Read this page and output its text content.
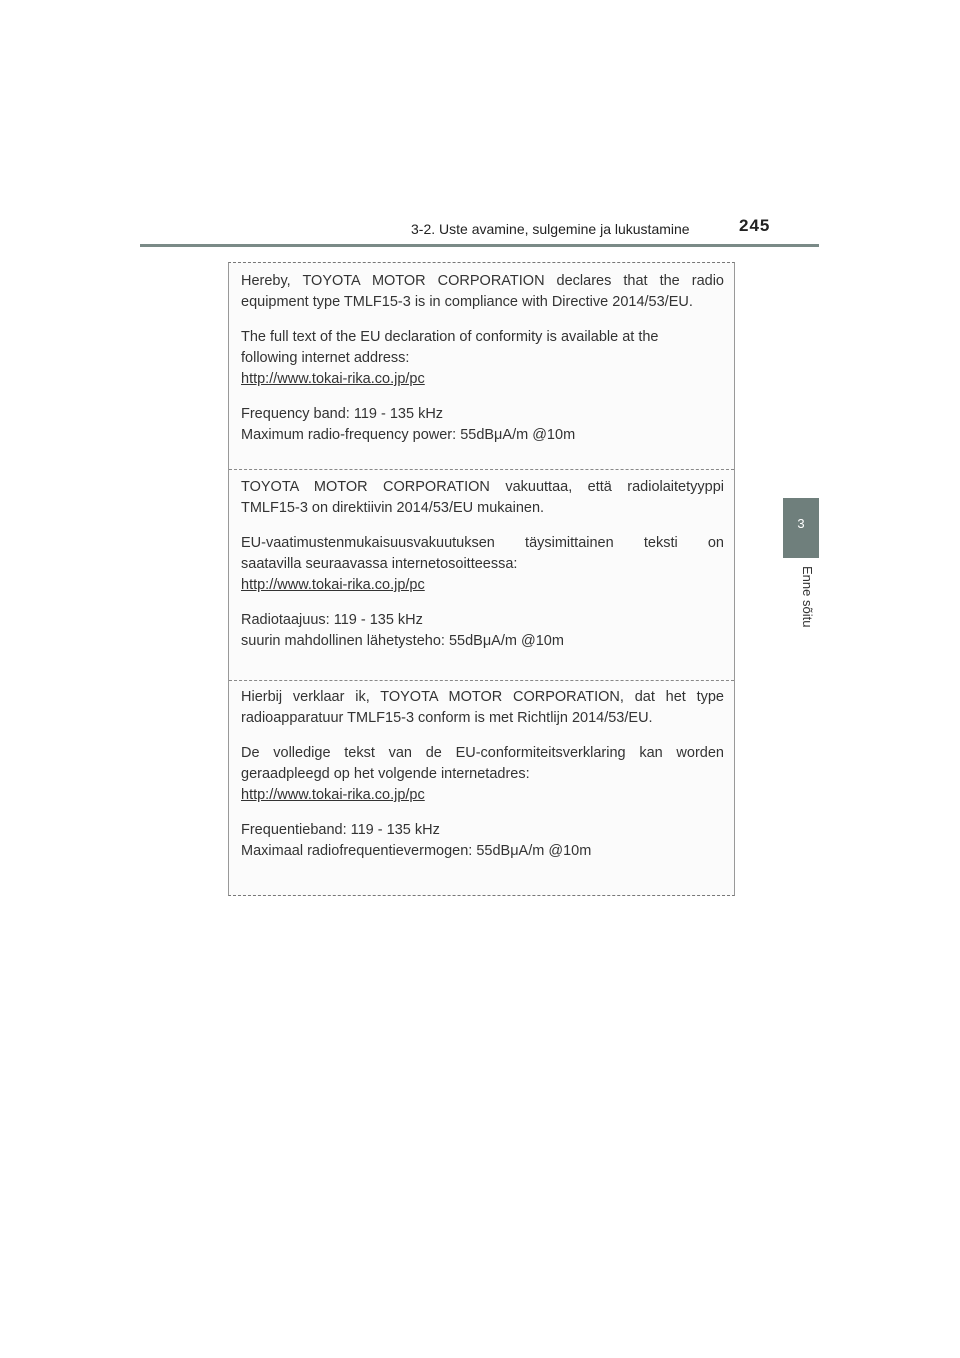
3-2. Uste avamine, sulgemine ja lukustamine	245
3
Enne sõitu

Hereby, TOYOTA MOTOR CORPORATION declares that the radio

equipment type TMLF15-3 is in compliance with Directive 2014/53/EU.

The full text of the EU declaration of conformity is available at the

following internet address:

http://www.tokai-rika.co.jp/pc

Frequency band: 119 - 135 kHz

Maximum radio-frequency power: 55dBμA/m @10m

TOYOTA MOTOR CORPORATION vakuuttaa, että radiolaitetyyppi

TMLF15-3 on direktiivin 2014/53/EU mukainen.

EU-vaatimustenmukaisuusvakuutuksen täysimittainen teksti on

saatavilla seuraavassa internetosoitteessa:

http://www.tokai-rika.co.jp/pc

Radiotaajuus: 119 - 135 kHz

suurin mahdollinen lähetysteho: 55dBμA/m @10m

Hierbij verklaar ik, TOYOTA MOTOR CORPORATION, dat het type

radioapparatuur TMLF15-3 conform is met Richtlijn 2014/53/EU.

De volledige tekst van de EU-conformiteitsverklaring kan worden

geraadpleegd op het volgende internetadres:

http://www.tokai-rika.co.jp/pc

Frequentieband: 119 - 135 kHz

Maximaal radiofrequentievermogen: 55dBμA/m @10m
